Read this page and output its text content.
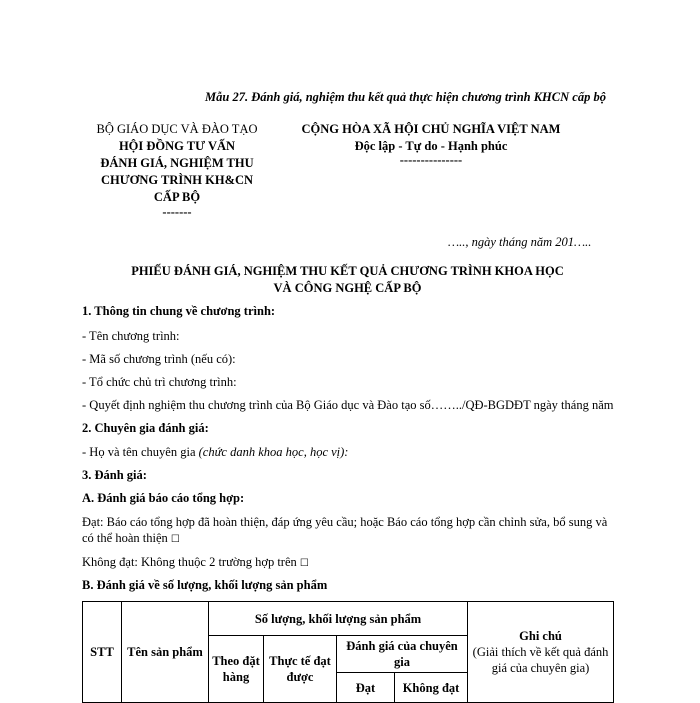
Mẫu 27. Đánh giá, nghiệm thu kết quả thực hiện chương trình KHCN cấp bộ
BỘ GIÁO DỤC VÀ ĐÀO TẠO
HỘI ĐỒNG TƯ VẤN
ĐÁNH GIÁ, NGHIỆM THU
CHƯƠNG TRÌNH KH&CN
CẤP BỘ
-------
CỘNG HÒA XÃ HỘI CHỦ NGHĨA VIỆT NAM
Độc lập - Tự do - Hạnh phúc
---------------
….., ngày tháng năm 201…..
PHIẾU ĐÁNH GIÁ, NGHIỆM THU KẾT QUẢ CHƯƠNG TRÌNH KHOA HỌC
VÀ CÔNG NGHỆ CẤP BỘ
1. Thông tin chung về chương trình:
- Tên chương trình:
- Mã số chương trình (nếu có):
- Tổ chức chủ trì chương trình:
- Quyết định nghiệm thu chương trình của Bộ Giáo dục và Đào tạo số……../QĐ-BGDĐT ngày tháng năm
2. Chuyên gia đánh giá:
- Họ và tên chuyên gia (chức danh khoa học, học vị):
3. Đánh giá:
A. Đánh giá báo cáo tổng hợp:
Đạt: Báo cáo tổng hợp đã hoàn thiện, đáp ứng yêu cầu; hoặc Báo cáo tổng hợp cần chỉnh sửa, bổ sung và
có thể hoàn thiện ☐
Không đạt: Không thuộc 2 trường hợp trên ☐
B. Đánh giá về số lượng, khối lượng sản phẩm
STT	Tên sản phẩm	Số lượng, khối lượng sản phẩm				Ghi chú
(Giải thích về kết quả đánh giá của chuyên gia)

		Theo đặt hàng	Thực tế đạt được	Đánh giá của chuyên gia		
				Đạt	Không đạt	
